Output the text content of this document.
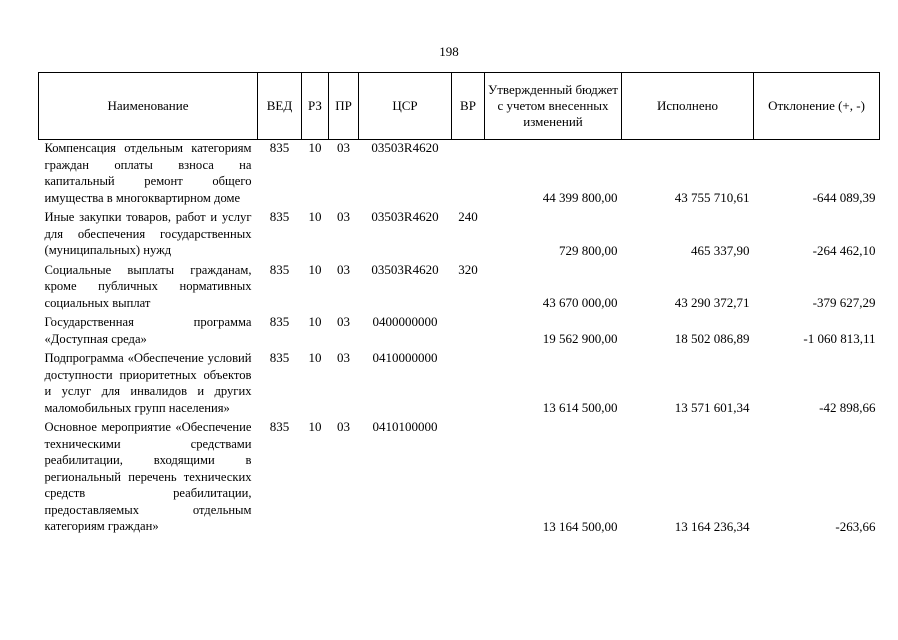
198
Наименование	ВЕД	РЗ	ПР	ЦСР	ВР	Утвержденный бюджет с учетом внесенных изменений	Исполнено	Отклонение (+, -)
Компенсация отдельным категориям граждан оплаты взноса на капитальный ремонт общего имущества в многоквартирном доме	835	10	03	03503R4620		44 399 800,00	43 755 710,61	-644 089,39
Иные закупки товаров, работ и услуг для обеспечения государственных (муниципальных) нужд	835	10	03	03503R4620	240	729 800,00	465 337,90	-264 462,10
Социальные выплаты гражданам, кроме публичных нормативных социальных выплат	835	10	03	03503R4620	320	43 670 000,00	43 290 372,71	-379 627,29
Государственная программа «Доступная среда»	835	10	03	0400000000		19 562 900,00	18 502 086,89	-1 060 813,11
Подпрограмма «Обеспечение условий доступности приоритетных объектов и услуг для инвалидов и других маломобильных групп населения»	835	10	03	0410000000		13 614 500,00	13 571 601,34	-42 898,66
Основное мероприятие «Обеспечение техническими средствами реабилитации, входящими в региональный перечень технических средств реабилитации, предоставляемых отдельным категориям граждан»	835	10	03	0410100000		13 164 500,00	13 164 236,34	-263,66
